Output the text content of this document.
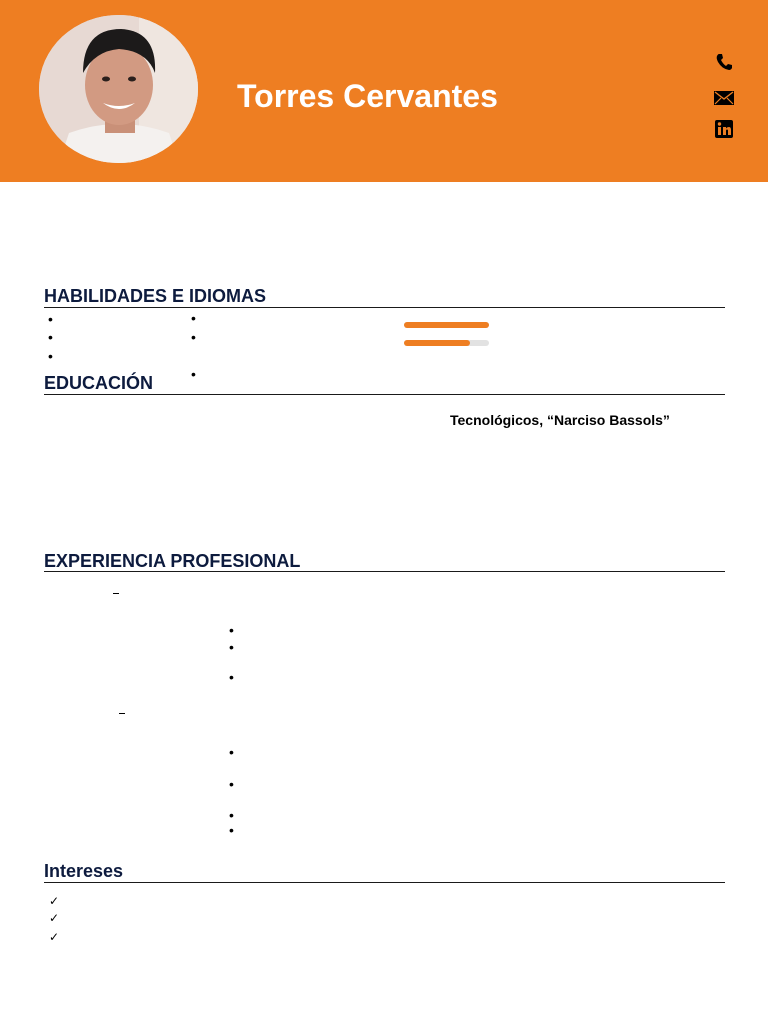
Torres Cervantes
HABILIDADES E IDIOMAS
•
•
•
•
•
•
EDUCACIÓN
Tecnológicos, “Narciso Bassols”
EXPERIENCIA PROFESIONAL
•
•
•
•
•
•
•
Intereses
✓
✓
✓
